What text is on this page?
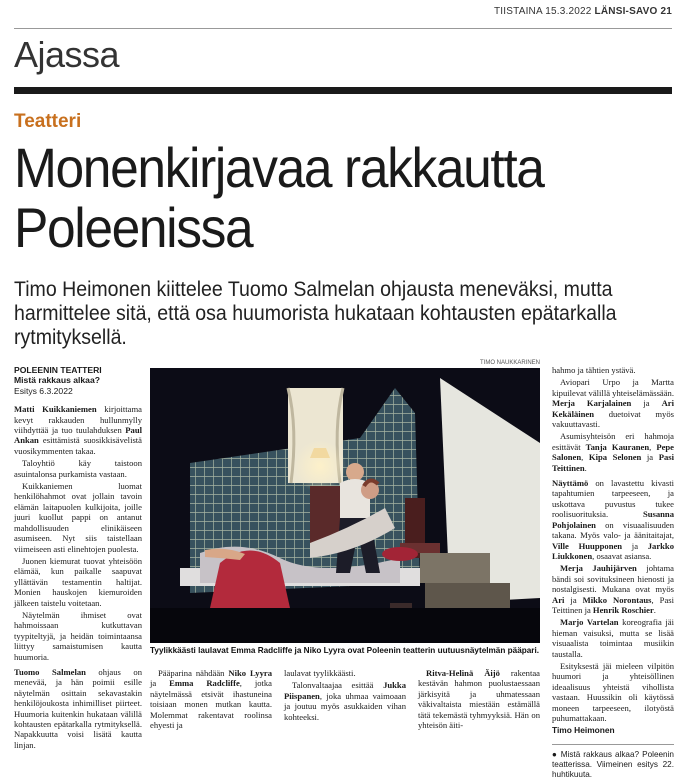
TIISTAINA 15.3.2022 LÄNSI-SAVO 21
Ajassa
Teatteri
Monenkirjavaa rakkautta Poleenissa
Timo Heimonen kiittelee Tuomo Salmelan ohjausta meneväksi, mutta harmittelee sitä, että osa huumorista hukataan kohtausten epätarkalla rytmityksellä.
POLEENIN TEATTERI
Mistä rakkaus alkaa?
Esitys 6.3.2022

Matti Kuikkaniemen kirjoittama kevyt rakkauden hullunmylly viihdyttää ja tuo tuulahduksen Paul Ankan esittämistä suosikkisävelistä vuosikymmenten takaa.

Taloyhtiö käy taistoon asuintalonsa purkamista vastaan.

Kuikkaniemen luomat henkilöhahmot ovat jollain tavoin elämän laitapuolen kulkijoita, joille juuri kuollut pappi on antanut mahdollisuuden elinikäiseen asumiseen. Nyt siis taistellaan viimeiseen asti elinehtojen puolesta.

Juonen kiemurat tuovat yhteisöön elämää, kun paikalle saapuvat yllättävän testamentin haltijat. Monien hauskojen kiemuroiden jälkeen taistelu voitetaan.

Näytelmän ihmiset ovat hahmoissaan kutkuttavan tyypiteltyjä, ja heidän toimintaansa liittyy samaistumisen kautta huumoria.

Tuomo Salmelan ohjaus on menevää, ja hän poimii esille näytelmän osittain sekavastakin henkilöjoukosta inhimilliset piirteet. Huumoria kuitenkin hukataan välillä kohtausten epätarkalla rytmityksellä. Napakkuutta voisi lisätä kautta linjan.

TIMO NAUKKARINEN
Tyylikkäästi laulavat Emma Radcliffe ja Niko Lyyra ovat Poleenin teatterin uutuusnäytelmän pääpari.

Pääparina nähdään Niko Lyyra ja Emma Radcliffe, jotka näytelmässä etsivät ihastuneina toisiaan monen mutkan kautta. Molemmat rakentavat roolinsa ehyesti ja

laulavat tyylikkäästi.

Talonvaltaajaa esittää Jukka Piispanen, joka uhmaa vaimoaan ja joutuu myös asukkaiden vihan kohteeksi.

Ritva-Helinä Äijö rakentaa kestävän hahmon puolustaessaan järkisyitä ja uhmatessaan väkivaltaista miestään estämällä tätä tekemästä tyhmyyksiä. Hän on yhteisön äiti-

hahmo ja tähtien ystävä.

Aviopari Urpo ja Martta kipuilevat välillä yhteiselämässään. Merja Karjalainen ja Ari Kekäläinen duetoivat myös vakuuttavasti.

Asumisyhteisön eri hahmoja esittävät Tanja Kauranen, Pepe Salonen, Kipa Selonen ja Pasi Teittinen.

Näyttämö on lavastettu kivasti tapahtumien tarpeeseen, ja uskottava puvustus tukee roolisuorituksia. Susanna Pohjolainen on visuaalisuuden takana. Myös valo- ja äänitaitajat, Ville Huupponen ja Jarkko Liukkonen, osaavat asiansa.

Merja Jauhijärven johtama bändi soi sovituksineen hienosti ja nostalgisesti. Mukana ovat myös Ari ja Mikko Norontaus, Pasi Teittinen ja Henrik Roschier.

Marjo Vartelan koreografia jäi hieman vaisuksi, mutta se lisää visuaalista toimintaa musiikin taustalla.

Esityksestä jäi mieleen vilpitön huumori ja yhteisöllinen ideaalisuus yhteistä vihollista vastaan. Huussikin oli käytössä moneen tarpeeseen, ilotyöstä puhumattakaan.

Timo Heimonen
● Mistä rakkaus alkaa? Poleenin teatterissa. Viimeinen esitys 22. huhtikuuta.
